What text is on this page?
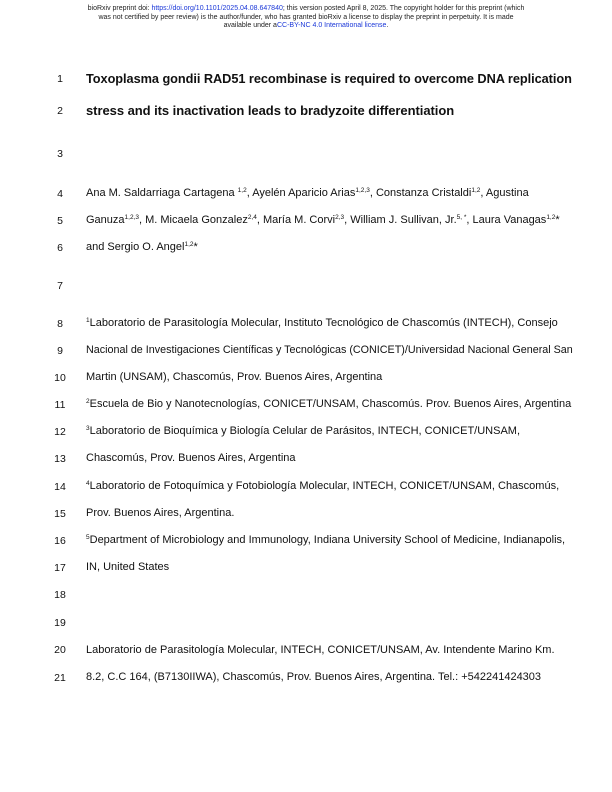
bioRxiv preprint doi: https://doi.org/10.1101/2025.04.08.647840; this version posted April 8, 2025. The copyright holder for this preprint (which
was not certified by peer review) is the author/funder, who has granted bioRxiv a license to display the preprint in perpetuity. It is made
available under aCC-BY-NC 4.0 International license.
1
2
3
4
5
6
7
8
9
10
11
12
13
14
15
16
17
18
19
20
21
Toxoplasma gondii RAD51 recombinase is required to overcome DNA replication
stress and its inactivation leads to bradyzoite differentiation
Ana M. Saldarriaga Cartagena $^{1,2}$, Ayelén Aparicio Arias$^{1,2,3}$, Constanza Cristaldi$^{1,2}$, Agustina
Ganuza$^{1,2,3}$, M. Micaela Gonzalez$^{2,4}$, María M. Corvi$^{2,3}$, William J. Sullivan, Jr.$^{5, *}$, Laura Vanagas$^{1,2}$*
and Sergio O. Angel$^{1,2}$*
$^1$Laboratorio de Parasitología Molecular, Instituto Tecnológico de Chascomús (INTECH), Consejo
Nacional de Investigaciones Científicas y Tecnológicas (CONICET)/Universidad Nacional General San
Martin (UNSAM), Chascomús, Prov. Buenos Aires, Argentina
$^2$Escuela de Bio y Nanotecnologías, CONICET/UNSAM, Chascomús. Prov. Buenos Aires, Argentina
$^3$Laboratorio de Bioquímica y Biología Celular de Parásitos, INTECH, CONICET/UNSAM,
Chascomús, Prov. Buenos Aires, Argentina
$^4$Laboratorio de Fotoquímica y Fotobiología Molecular, INTECH, CONICET/UNSAM, Chascomús,
Prov. Buenos Aires, Argentina.
$^5$Department of Microbiology and Immunology, Indiana University School of Medicine, Indianapolis,
IN, United States
Laboratorio de Parasitología Molecular, INTECH, CONICET/UNSAM, Av. Intendente Marino Km.
8.2, C.C 164, (B7130IIWA), Chascomús, Prov. Buenos Aires, Argentina. Tel.: +542241424303
